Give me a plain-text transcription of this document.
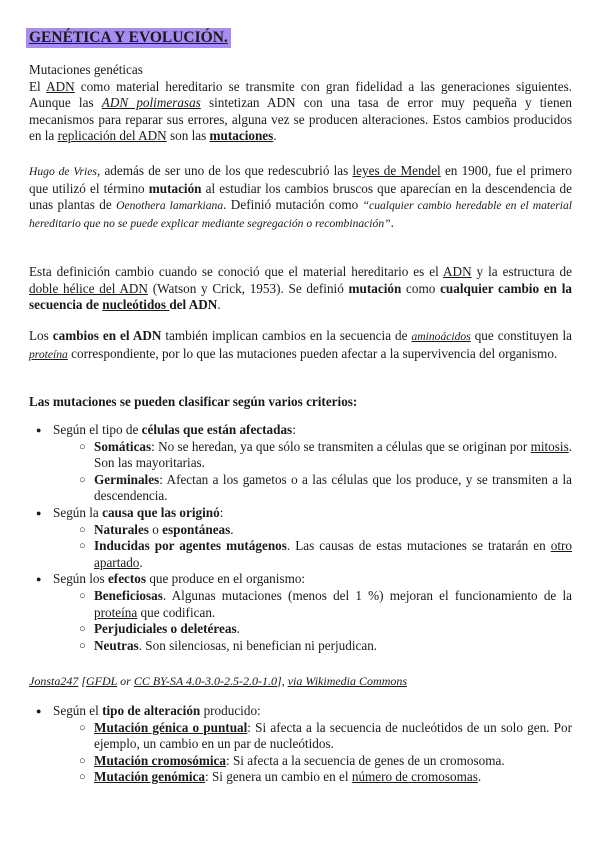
GENÉTICA Y EVOLUCIÓN.

Mutaciones genéticas

El ADN como material hereditario se transmite con gran fidelidad a las generaciones siguientes. Aunque las ADN polimerasas sintetizan ADN con una tasa de error muy pequeña y tienen mecanismos para reparar sus errores, alguna vez se producen alteraciones. Estos cambios producidos en la replicación del ADN son las mutaciones.

Hugo de Vries, además de ser uno de los que redescubrió las leyes de Mendel en 1900, fue el primero que utilizó el término mutación al estudiar los cambios bruscos que aparecían en la descendencia de unas plantas de Oenothera lamarkiana. Definió mutación como “cualquier cambio heredable en el material hereditario que no se puede explicar mediante segregación o recombinación”.

Esta definición cambio cuando se conoció que el material hereditario es el ADN y la estructura de doble hélice del ADN (Watson y Crick, 1953). Se definió mutación como cualquier cambio en la secuencia de nucleótidos del ADN.

Los cambios en el ADN también implican cambios en la secuencia de aminoácidos que constituyen la proteína correspondiente, por lo que las mutaciones pueden afectar a la supervivencia del organismo.

Las mutaciones se pueden clasificar según varios criterios:

● Según el tipo de células que están afectadas:
○ Somáticas: No se heredan, ya que sólo se transmiten a células que se originan por mitosis. Son las mayoritarias.
○ Germinales: Afectan a los gametos o a las células que los produce, y se transmiten a la descendencia.
● Según la causa que las originó:
○ Naturales o espontáneas.
○ Inducidas por agentes mutágenos. Las causas de estas mutaciones se tratarán en otro apartado.
● Según los efectos que produce en el organismo:
○ Beneficiosas. Algunas mutaciones (menos del 1 %) mejoran el funcionamiento de la proteína que codifican.
○ Perjudiciales o deletéreas.
○ Neutras. Son silenciosas, ni benefician ni perjudican.

Jonsta247 [GFDL or CC BY-SA 4.0-3.0-2.5-2.0-1.0], via Wikimedia Commons

● Según el tipo de alteración producido:
○ Mutación génica o puntual: Si afecta a la secuencia de nucleótidos de un solo gen. Por ejemplo, un cambio en un par de nucleótidos.
○ Mutación cromosómica: Si afecta a la secuencia de genes de un cromosoma.
○ Mutación genómica: Si genera un cambio en el número de cromosomas.
